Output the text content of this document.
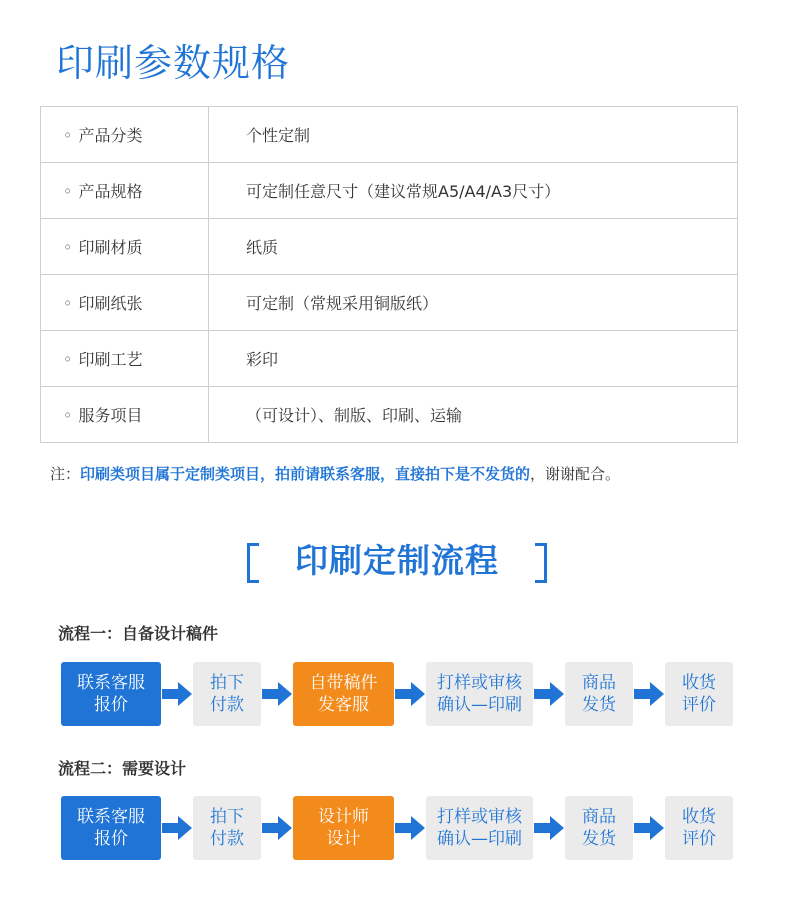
印刷参数规格
◦ 产品分类	个性定制
◦ 产品规格	可定制任意尺寸（建议常规A5/A4/A3尺寸）
◦ 印刷材质	纸质
◦ 印刷纸张	可定制（常规采用铜版纸）
◦ 印刷工艺	彩印
◦ 服务项目	（可设计）、制版、印刷、运输
注：印刷类项目属于定制类项目，拍前请联系客服，直接拍下是不发货的，谢谢配合。
印刷定制流程
流程一：自备设计稿件
联系客服
报价
拍下
付款
自带稿件
发客服
打样或审核
确认—印刷
商品
发货
收货
评价
流程二：需要设计
联系客服
报价
拍下
付款
设计师
设计
打样或审核
确认—印刷
商品
发货
收货
评价
